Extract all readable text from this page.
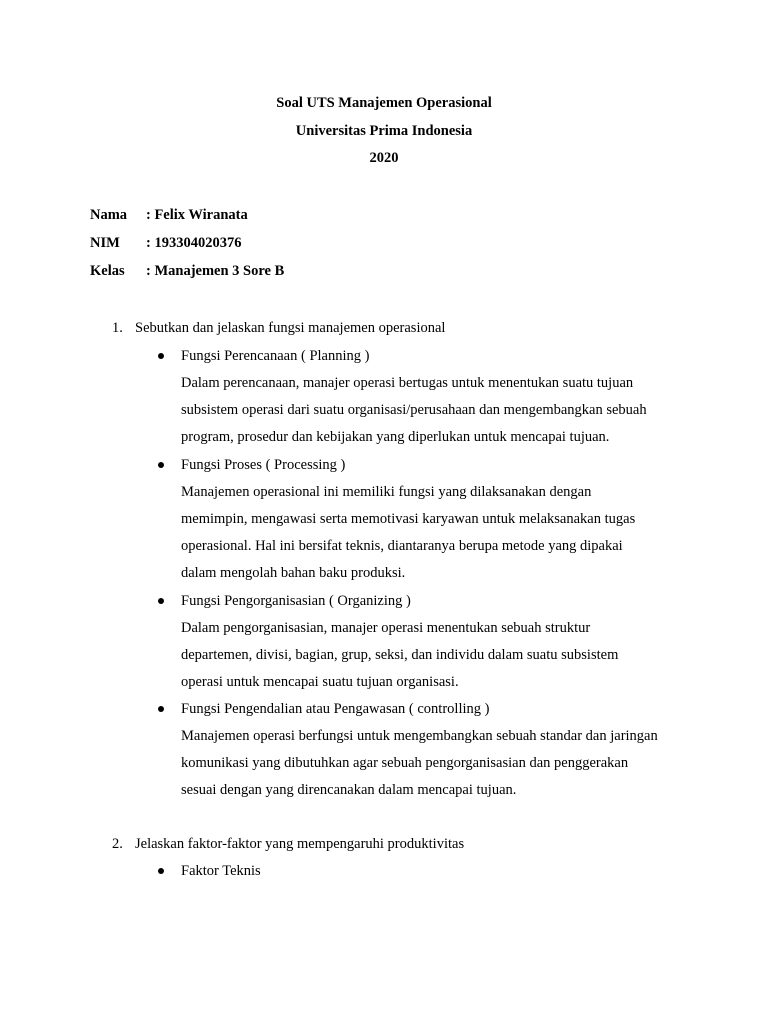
Soal UTS Manajemen Operasional
Universitas Prima Indonesia
2020
Nama : Felix Wiranata
NIM : 193304020376
Kelas : Manajemen 3 Sore B
1. Sebutkan dan jelaskan fungsi manajemen operasional
Fungsi Perencanaan ( Planning )
Dalam perencanaan, manajer operasi bertugas untuk menentukan suatu tujuan
subsistem operasi dari suatu organisasi/perusahaan dan mengembangkan sebuah
program, prosedur dan kebijakan yang diperlukan untuk mencapai tujuan.
Fungsi Proses ( Processing )
Manajemen operasional ini memiliki fungsi yang dilaksanakan dengan
memimpin, mengawasi serta memotivasi karyawan untuk melaksanakan tugas
operasional. Hal ini bersifat teknis, diantaranya berupa metode yang dipakai
dalam mengolah bahan baku produksi.
Fungsi Pengorganisasian ( Organizing )
Dalam pengorganisasian, manajer operasi menentukan sebuah struktur
departemen, divisi, bagian, grup, seksi, dan individu dalam suatu subsistem
operasi untuk mencapai suatu tujuan organisasi.
Fungsi Pengendalian atau Pengawasan ( controlling )
Manajemen operasi berfungsi untuk mengembangkan sebuah standar dan jaringan
komunikasi yang dibutuhkan agar sebuah pengorganisasian dan penggerakan
sesuai dengan yang direncanakan dalam mencapai tujuan.
2. Jelaskan faktor-faktor yang mempengaruhi produktivitas
Faktor Teknis
